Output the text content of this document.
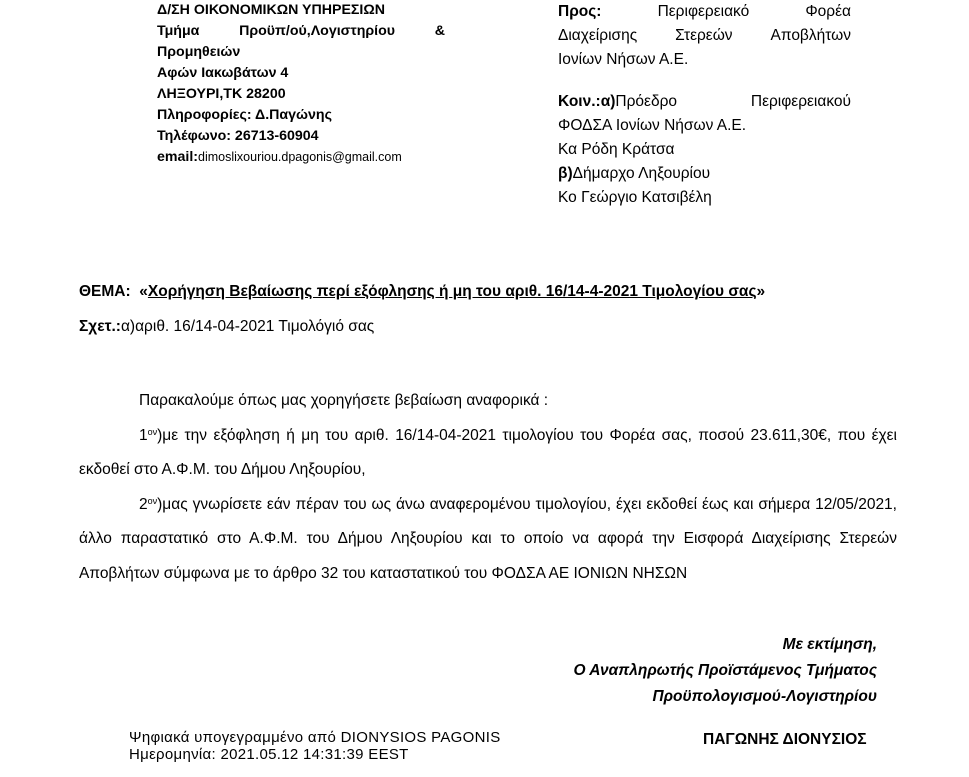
Δ/ΣΗ ΟΙΚΟΝΟΜΙΚΩΝ ΥΠΗΡΕΣΙΩΝ
Τμήμα	Προϋπ/ού,Λογιστηρίου	&
Προμηθειών
Αφών Ιακωβάτων 4
ΛΗΞΟΥΡΙ,ΤΚ 28200
Πληροφορίες: Δ.Παγώνης
Τηλέφωνο: 26713-60904
email:dimoslixouriou.dpagonis@gmail.com
Προς:	Περιφερειακό	Φορέα
Διαχείρισης Στερεών Αποβλήτων
Ιονίων Νήσων Α.Ε.
Κοιν.:α)Πρόεδρο	Περιφερειακού
ΦΟΔΣΑ Ιονίων Νήσων Α.Ε.
Κα Ρόδη Κράτσα
β)Δήμαρχο Ληξουρίου
Κο Γεώργιο Κατσιβέλη
ΘΕΜΑ: «Χορήγηση Βεβαίωσης περί εξόφλησης ή μη του αριθ. 16/14-4-2021 Τιμολογίου σας»
Σχετ.:α)αριθ. 16/14-04-2021 Τιμολόγιό σας

Παρακαλούμε όπως μας χορηγήσετε βεβαίωση αναφορικά :

$1^{o\nu})\mu\varepsilon$ την εξόφληση ή μη του αριθ. 16/14-04-2021 τιμολογίου του Φορέα σας, ποσού 23.611,30€, που έχει εκδοθεί στο Α.Φ.Μ. του Δήμου Ληξουρίου,

$2^{o\nu})\mu\alpha\varsigma$ γνωρίσετε εάν πέραν του ως άνω αναφερομένου τιμολογίου, έχει εκδοθεί έως και σήμερα 12/05/2021, άλλο παραστατικό στο Α.Φ.Μ. του Δήμου Ληξουρίου και το οποίο να αφορά την Εισφορά Διαχείρισης Στερεών Αποβλήτων σύμφωνα με το άρθρο 32 του καταστατικού του ΦΟΔΣΑ ΑΕ ΙΟΝΙΩΝ ΝΗΣΩΝ

Με εκτίμηση,
Ο Αναπληρωτής Προϊστάμενος Τμήματος
Προϋπολογισμού-Λογιστηρίου
Ψηφιακά υπογεγραμμένο από DIONYSIOS PAGONIS
Ημερομηνία: 2021.05.12 14:31:39 EEST
ΠΑΓΩΝΗΣ ΔΙΟΝΥΣΙΟΣ
